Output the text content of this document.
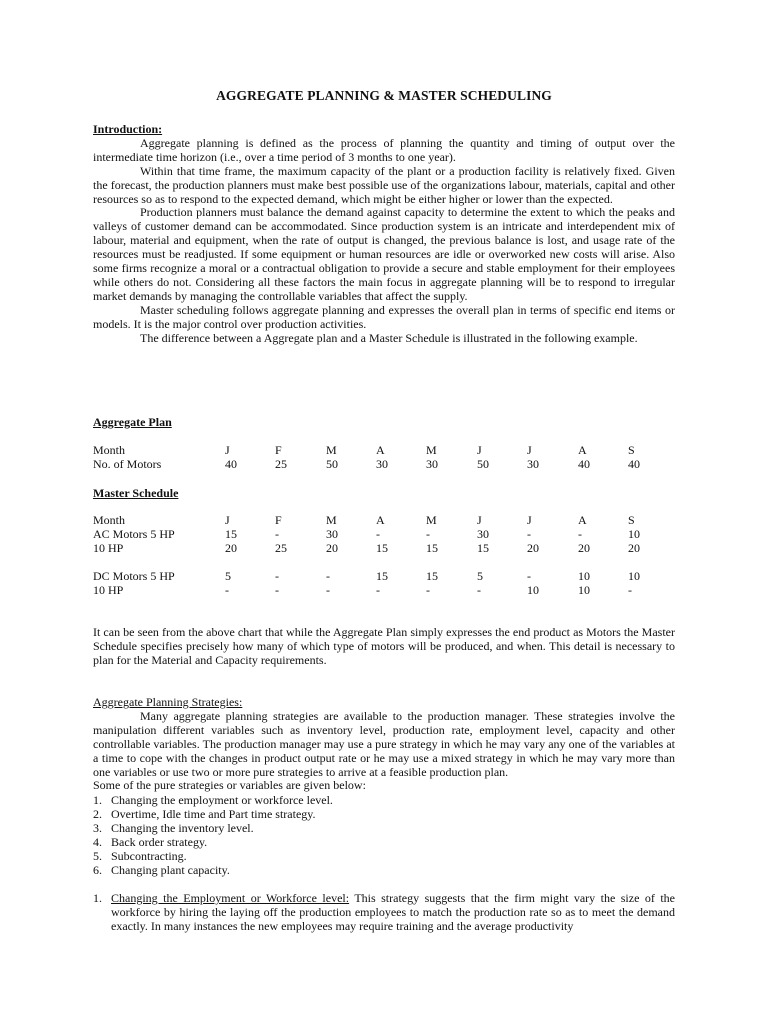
AGGREGATE PLANNING & MASTER SCHEDULING

Introduction:

Aggregate planning is defined as the process of planning the quantity and timing of output over the intermediate time horizon (i.e., over a time period of 3 months to one year).

Within that time frame, the maximum capacity of the plant or a production facility is relatively fixed. Given the forecast, the production planners must make best possible use of the organizations labour, materials, capital and other resources so as to respond to the expected demand, which might be either higher or lower than the expected.

Production planners must balance the demand against capacity to determine the extent to which the peaks and valleys of customer demand can be accommodated. Since production system is an intricate and interdependent mix of labour, material and equipment, when the rate of output is changed, the previous balance is lost, and usage rate of the resources must be readjusted. If some equipment or human resources are idle or overworked new costs will arise. Also some firms recognize a moral or a contractual obligation to provide a secure and stable employment for their employees while others do not. Considering all these factors the main focus in aggregate planning will be to respond to irregular market demands by managing the controllable variables that affect the supply.

Master scheduling follows aggregate planning and expresses the overall plan in terms of specific end items or models. It is the major control over production activities.

The difference between a Aggregate plan and a Master Schedule is illustrated in the following example.

Aggregate Plan
Month	J	F	M	A	M	J	J	A	S
No. of Motors	40	25	50	30	30	50	30	40	40
Master Schedule
Month	J	F	M	A	M	J	J	A	S
AC Motors 5 HP	15	-	30	-	-	30	-	-	10
10 HP	20	25	20	15	15	15	20	20	20
DC Motors 5 HP	5	-	-	15	15	5	-	10	10
10 HP	-	-	-	-	-	-	10	10	-
It can be seen from the above chart that while the Aggregate Plan simply expresses the end product as Motors the Master Schedule specifies precisely how many of which type of motors will be produced, and when. This detail is necessary to plan for the Material and Capacity requirements.

Aggregate Planning Strategies:

Many aggregate planning strategies are available to the production manager. These strategies involve the manipulation different variables such as inventory level, production rate, employment level, capacity and other controllable variables. The production manager may use a pure strategy in which he may vary any one of the variables at a time to cope with the changes in product output rate or he may use a mixed strategy in which he may vary more than one variables or use two or more pure strategies to arrive at a feasible production plan.

Some of the pure strategies or variables are given below:

1. Changing the employment or workforce level.
2. Overtime, Idle time and Part time strategy.
3. Changing the inventory level.
4. Back order strategy.
5. Subcontracting.
6. Changing plant capacity.
1. Changing the Employment or Workforce level: This strategy suggests that the firm might vary the size of the workforce by hiring the laying off the production employees to match the production rate so as to meet the demand exactly. In many instances the new employees may require training and the average productivity
